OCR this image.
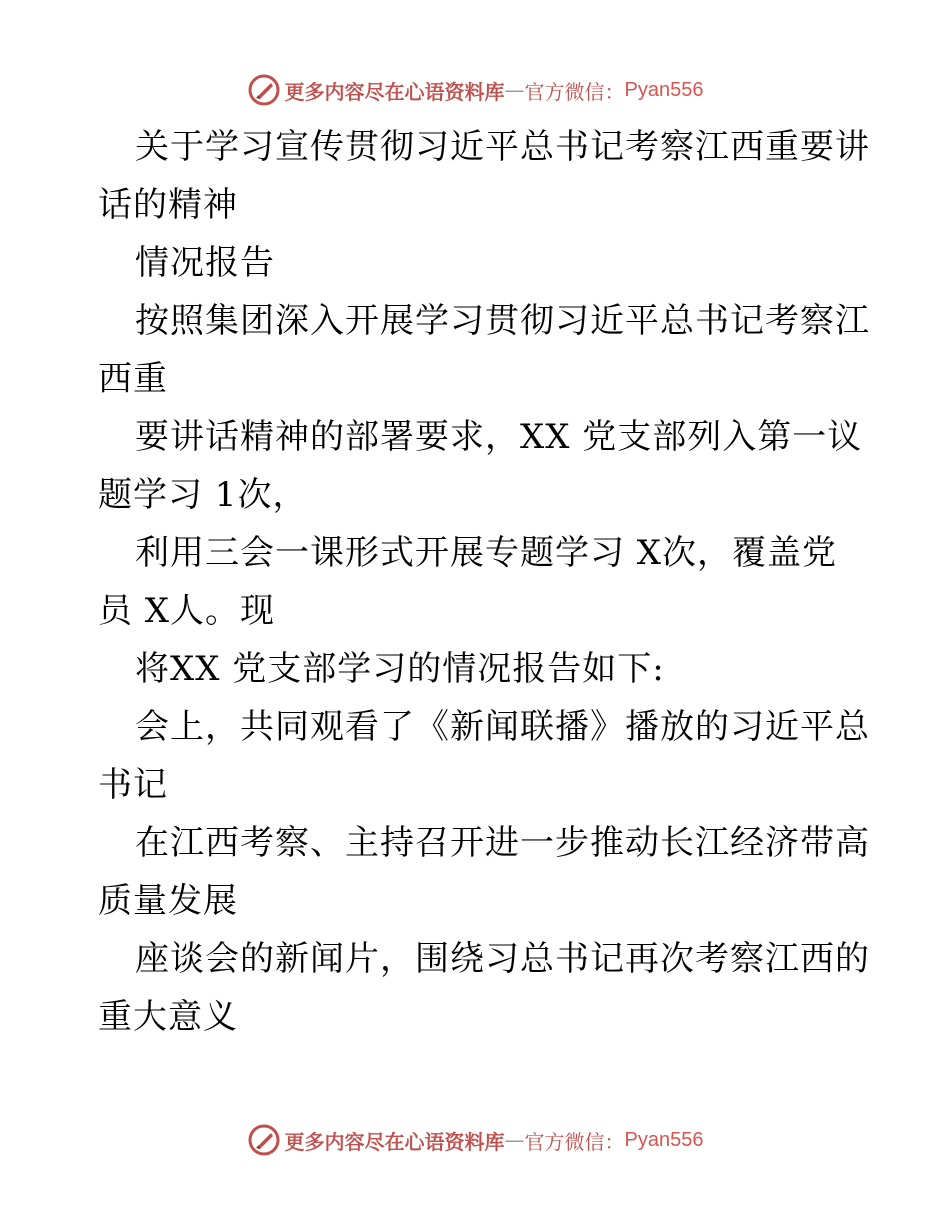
更多内容尽在心语资料库 — 官方微信： Pyan556
关于学习宣传贯彻习近平总书记考察江西重要讲
话的精神
情况报告
按照集团深入开展学习贯彻习近平总书记考察江
西重
要讲话精神的部署要求，XX 党支部列入第一议
题学习 1次，
利用三会一课形式开展专题学习 X次，覆盖党
员 X人。现
将XX 党支部学习的情况报告如下:
会上，共同观看了《新闻联播》播放的习近平总
书记
在江西考察、主持召开进一步推动长江经济带高
质量发展
座谈会的新闻片，围绕习总书记再次考察江西的
重大意义
更多内容尽在心语资料库 — 官方微信： Pyan556
